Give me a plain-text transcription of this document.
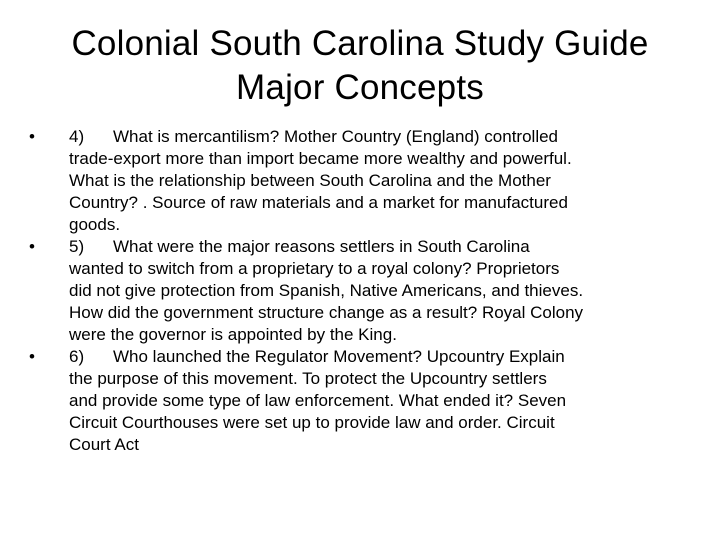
Colonial South Carolina Study Guide
Major Concepts
• 4) What is mercantilism? Mother Country (England) controlled
trade-export more than import became more wealthy and powerful.
What is the relationship between South Carolina and the Mother
Country? . Source of raw materials and a market for manufactured
goods.
• 5) What were the major reasons settlers in South Carolina
wanted to switch from a proprietary to a royal colony? Proprietors
did not give protection from Spanish, Native Americans, and thieves.
How did the government structure change as a result? Royal Colony
were the governor is appointed by the King.
• 6) Who launched the Regulator Movement? Upcountry Explain
the purpose of this movement. To protect the Upcountry settlers
and provide some type of law enforcement. What ended it? Seven
Circuit Courthouses were set up to provide law and order. Circuit
Court Act
